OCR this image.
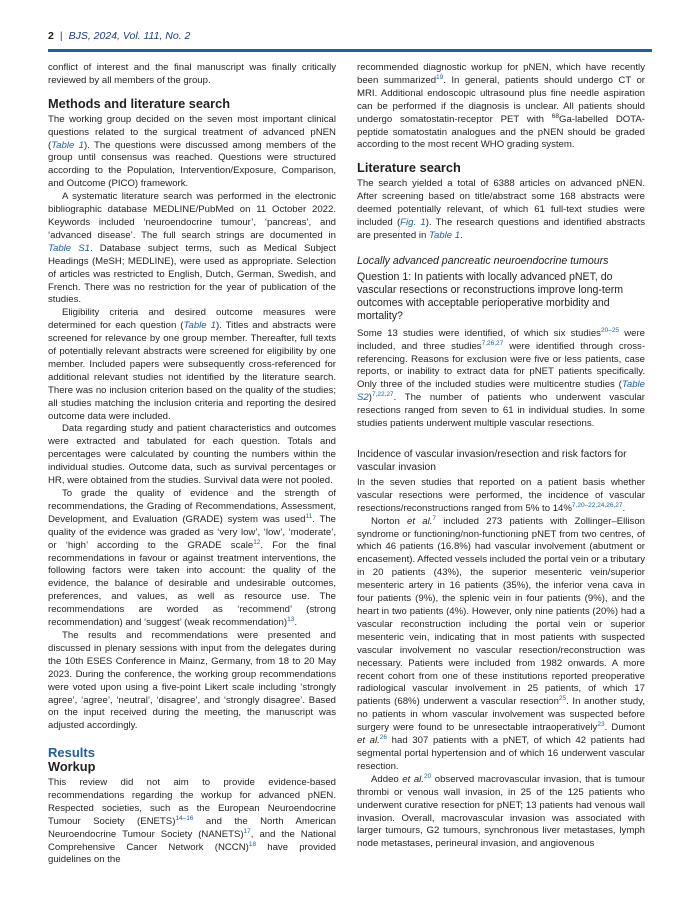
2 | BJS, 2024, Vol. 111, No. 2

conflict of interest and the final manuscript was finally critically reviewed by all members of the group.

Methods and literature search

The working group decided on the seven most important clinical questions related to the surgical treatment of advanced pNEN (Table 1). The questions were discussed among members of the group until consensus was reached. Questions were structured according to the Population, Intervention/Exposure, Comparison, and Outcome (PICO) framework.

A systematic literature search was performed in the electronic bibliographic database MEDLINE/PubMed on 11 October 2022. Keywords included ‘neuroendocrine tumour’, ‘pancreas’, and ‘advanced disease’. The full search strings are documented in Table S1. Database subject terms, such as Medical Subject Headings (MeSH; MEDLINE), were used as appropriate. Selection of articles was restricted to English, Dutch, German, Swedish, and French. There was no restriction for the year of publication of the studies.

Eligibility criteria and desired outcome measures were determined for each question (Table 1). Titles and abstracts were screened for relevance by one group member. Thereafter, full texts of potentially relevant abstracts were screened for eligibility by one member. Included papers were subsequently cross-referenced for additional relevant studies not identified by the literature search. There was no inclusion criterion based on the quality of the studies; all studies matching the inclusion criteria and reporting the desired outcome data were included.

Data regarding study and patient characteristics and outcomes were extracted and tabulated for each question. Totals and percentages were calculated by counting the numbers within the individual studies. Outcome data, such as survival percentages or HR, were obtained from the studies. Survival data were not pooled.

To grade the quality of evidence and the strength of recommendations, the Grading of Recommendations, Assessment, Development, and Evaluation (GRADE) system was used$^{11}$. The quality of the evidence was graded as ‘very low’, ‘low’, ‘moderate’, or ‘high’ according to the GRADE scale$^{12}$. For the final recommendations in favour or against treatment interventions, the following factors were taken into account: the quality of the evidence, the balance of desirable and undesirable outcomes, preferences, and values, as well as resource use. The recommendations are worded as ‘recommend’ (strong recommendation) and ‘suggest’ (weak recommendation)$^{13}$.

The results and recommendations were presented and discussed in plenary sessions with input from the delegates during the 10th ESES Conference in Mainz, Germany, from 18 to 20 May 2023. During the conference, the working group recommendations were voted upon using a five-point Likert scale including ‘strongly agree’, ‘agree’, ‘neutral’, ‘disagree’, and ‘strongly disagree’. Based on the input received during the meeting, the manuscript was adjusted accordingly.

Results
Workup

This review did not aim to provide evidence-based recommendations regarding the workup for advanced pNEN. Respected societies, such as the European Neuroendocrine Tumour Society (ENETS)$^{14-16}$ and the North American Neuroendocrine Tumour Society (NANETS)$^{17}$, and the National Comprehensive Cancer Network (NCCN)$^{18}$ have provided guidelines on the

recommended diagnostic workup for pNEN, which have recently been summarized$^{19}$. In general, patients should undergo CT or MRI. Additional endoscopic ultrasound plus fine needle aspiration can be performed if the diagnosis is unclear. All patients should undergo somatostatin-receptor PET with $^{68}$Ga-labelled DOTA-peptide somatostatin analogues and the pNEN should be graded according to the most recent WHO grading system.

Literature search

The search yielded a total of 6388 articles on advanced pNEN. After screening based on title/abstract some 168 abstracts were deemed potentially relevant, of which 61 full-text studies were included (Fig. 1). The research questions and identified abstracts are presented in Table 1.

Locally advanced pancreatic neuroendocrine tumours
Question 1: In patients with locally advanced pNET, do vascular resections or reconstructions improve long-term outcomes with acceptable perioperative morbidity and mortality?

Some 13 studies were identified, of which six studies$^{20-25}$ were included, and three studies$^{7,26,27}$ were identified through cross-referencing. Reasons for exclusion were five or less patients, case reports, or inability to extract data for pNET patients specifically. Only three of the included studies were multicentre studies (Table S2)$^{7,22,27}$. The number of patients who underwent vascular resections ranged from seven to 61 in individual studies. In some studies patients underwent multiple vascular resections.

Incidence of vascular invasion/resection and risk factors for vascular invasion

In the seven studies that reported on a patient basis whether vascular resections were performed, the incidence of vascular resections/reconstructions ranged from 5% to 14%$^{7,20-22,24,26,27}$.

Norton et al.$^7$ included 273 patients with Zollinger–Ellison syndrome or functioning/non-functioning pNET from two centres, of which 46 patients (16.8%) had vascular involvement (abutment or encasement). Affected vessels included the portal vein or a tributary in 20 patients (43%), the superior mesenteric vein/superior mesenteric artery in 16 patients (35%), the inferior vena cava in four patients (9%), the splenic vein in four patients (9%), and the heart in two patients (4%). However, only nine patients (20%) had a vascular reconstruction including the portal vein or superior mesenteric vein, indicating that in most patients with suspected vascular involvement no vascular resection/reconstruction was necessary. Patients were included from 1982 onwards. A more recent cohort from one of these institutions reported preoperative radiological vascular involvement in 25 patients, of which 17 patients (68%) underwent a vascular resection$^{25}$. In another study, no patients in whom vascular involvement was suspected before surgery were found to be unresectable intraoperatively$^{23}$. Dumont et al.$^{26}$ had 307 patients with a pNET, of which 42 patients had segmental portal hypertension and of which 16 underwent vascular resection.

Addeo et al.$^{20}$ observed macrovascular invasion, that is tumour thrombi or venous wall invasion, in 25 of the 125 patients who underwent curative resection for pNET; 13 patients had venous wall invasion. Overall, macrovascular invasion was associated with larger tumours, G2 tumours, synchronous liver metastases, lymph node metastases, perineural invasion, and angiovenous
